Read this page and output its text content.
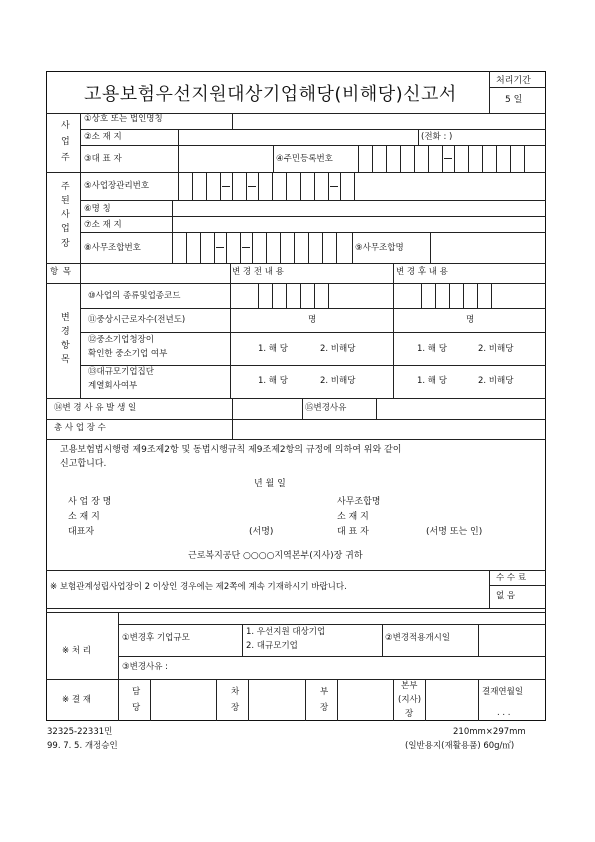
고용보험우선지원대상기업해당(비해당)신고서
처리기간
5 일
사
업
주
①상호 또는 법인명칭
②소 재 지	(전화 : )
③대 표 자	④주민등록번호
주
된
사
업
장
⑤사업장관리번호
⑥명 칭
⑦소 재 지
⑧사무조합번호	⑨사무조합명
항 목	변 경 전 내 용	변 경 후 내 용
변
경
항
목
⑩사업의 종류및업종코드
⑪중상시근로자수(전년도)	명	명
⑫중소기업청장이
확인한 중소기업 여부	1. 해 당	2. 비해당	1. 해 당	2. 비해당
⑬대규모기업집단
계열회사여부	1. 해 당	2. 비해당	1. 해 당	2. 비해당
⑭변 경 사 유 발 생 일	⑮변경사유
총 사 업 장 수
고용보험법시행령 제9조제2항 및 동법시행규칙 제9조제2항의 규정에 의하여 위와 같이
신고합니다.
년 월 일
사 업 장 명
소 재 지
대표자	(서명)
사무조합명
소 재 지
대 표 자	(서명 또는 인)
근로복지공단 ○○○○지역본부(지사)장 귀하
※ 보험관계성립사업장이 2 이상인 경우에는 제2쪽에 계속 기재하시기 바랍니다.
수 수 료
없 음
※ 처 리
①변경후 기업규모
1. 우선지원 대상기업
2. 대규모기업
②변경적용개시일
③변경사유 :
※ 결 재
담
당
차
장
부
장
본부
(지사)
장
결재연월일
. . .
32325-22331민
99. 7. 5. 개정승인
210mm×297mm
(일반용지(재활용품) 60g/㎡)
